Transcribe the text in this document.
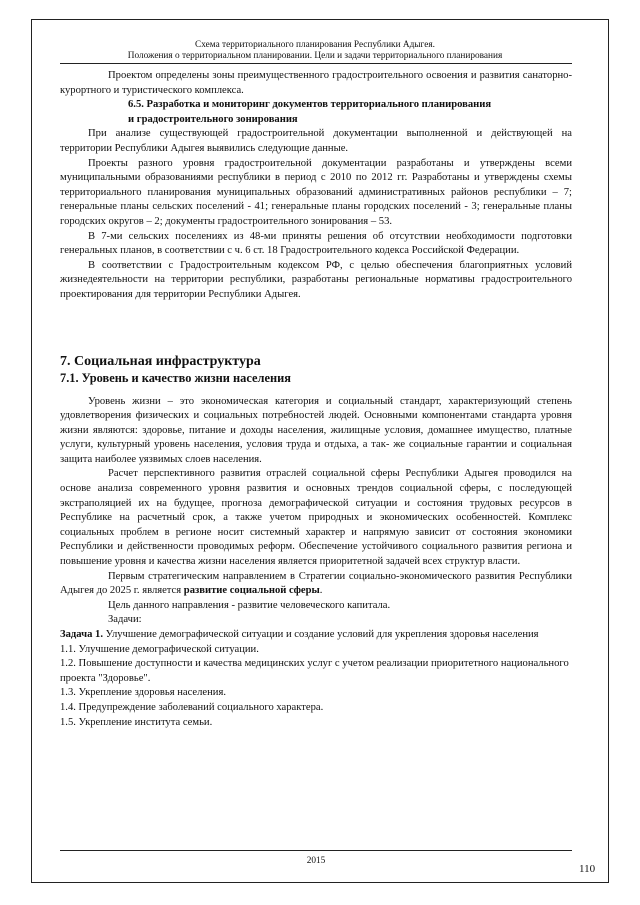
Схема территориального планирования Республики Адыгея.
Положения о территориальном планировании. Цели и задачи территориального планирования

Проектом определены зоны преимущественного градостроительного освоения и развития санаторно-курортного и туристического комплекса.

6.5. Разработка и мониторинг документов территориального планирования

и градостроительного зонирования

При анализе существующей градостроительной документации выполненной и действующей на территории Республики Адыгея выявились следующие данные.

Проекты разного уровня градостроительной документации разработаны и утверждены всеми муниципальными образованиями республики в период с 2010 по 2012 гг. Разработаны и утверждены схемы территориального планирования муниципальных образований административных районов республики – 7; генеральные планы сельских поселений - 41; генеральные планы городских поселений - 3; генеральные планы городских округов – 2; документы градостроительного зонирования – 53.

В 7-ми сельских поселениях из 48-ми приняты решения об отсутствии необходимости подготовки генеральных планов, в соответствии с ч. 6 ст. 18 Градостроительного кодекса Российской Федерации.

В соответствии с Градостроительным кодексом РФ, с целью обеспечения благоприятных условий жизнедеятельности на территории республики, разработаны региональные нормативы градостроительного проектирования для территории Республики Адыгея.

7. Социальная инфраструктура

7.1. Уровень и качество жизни населения

Уровень жизни – это экономическая категория и социальный стандарт, характеризующий степень удовлетворения физических и социальных потребностей людей. Основными компонентами стандарта уровня жизни являются: здоровье, питание и доходы населения, жилищные условия, домашнее имущество, платные услуги, культурный уровень населения, условия труда и отдыха, а так- же социальные гарантии и социальная защита наиболее уязвимых слоев населения.

Расчет перспективного развития отраслей социальной сферы Республики Адыгея проводился на основе анализа современного уровня развития и основных трендов социальной сферы, с последующей экстраполяцией их на будущее, прогноза демографической ситуации и состояния трудовых ресурсов в Республике на расчетный срок, а также учетом природных и экономических особенностей. Комплекс социальных проблем в регионе носит системный характер и напрямую зависит от состояния экономики Республики и действенности проводимых реформ. Обеспечение устойчивого социального развития региона и повышение уровня и качества жизни населения является приоритетной задачей всех структур власти.

Первым стратегическим направлением в Стратегии социально-экономического развития Республики Адыгея до 2025 г. является развитие социальной сферы.

Цель данного направления - развитие человеческого капитала.

Задачи:

Задача 1. Улучшение демографической ситуации и создание условий для укрепления здоровья населения

1.1. Улучшение демографической ситуации.

1.2. Повышение доступности и качества медицинских услуг с учетом реализации приоритетного национального проекта "Здоровье".

1.3. Укрепление здоровья населения.

1.4. Предупреждение заболеваний социального характера.

1.5. Укрепление института семьи.

2015
110
